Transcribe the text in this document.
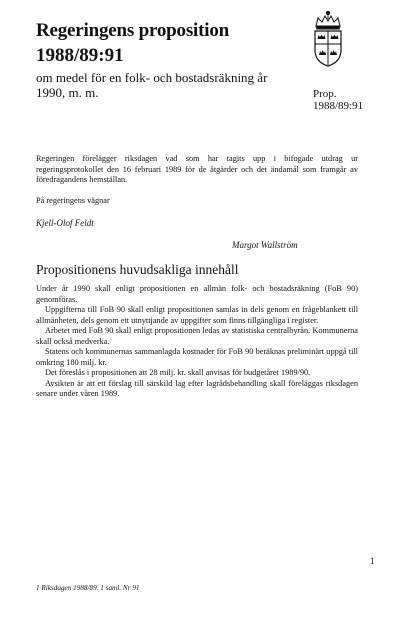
Regeringens proposition
1988/89:91
om medel för en folk- och bostadsräkning år 1990, m. m.	Prop.
1988/89:91
Regeringen förelägger riksdagen vad som har tagits upp i bifogade utdrag ur regeringsprotokollet den 16 februari 1989 för de åtgärder och det ändamål som framgår av föredragandens hemställan.
På regeringens vägnar
Kjell-Olof Feldt
Margot Wallström
Propositionens huvudsakliga innehåll

Under år 1990 skall enligt propositionen en allmän folk- och bostadsräkning (FoB 90) genomföras.

Uppgifterna till FoB 90 skall enligt propositionen samlas in dels genom en frågeblankett till allmänheten, dels genom ett utnyttjande av uppgifter som finns tillgängliga i register.

Arbetet med FoB 90 skall enligt propositionen ledas av statistiska centralbyrån. Kommunerna skall också medverka.

Statens och kommunernas sammanlagda kostnader för FoB 90 beräknas preliminärt uppgå till omkring 180 milj. kr.

Det föreslås i propositionen att 28 milj. kr. skall anvisas för budgetåret 1989/90.

Avsikten är att ett förslag till särskild lag efter lagrådsbehandling skall föreläggas riksdagen senare under våren 1989.

1
1 Riksdagen 1988/89. 1 saml. Nr 91
